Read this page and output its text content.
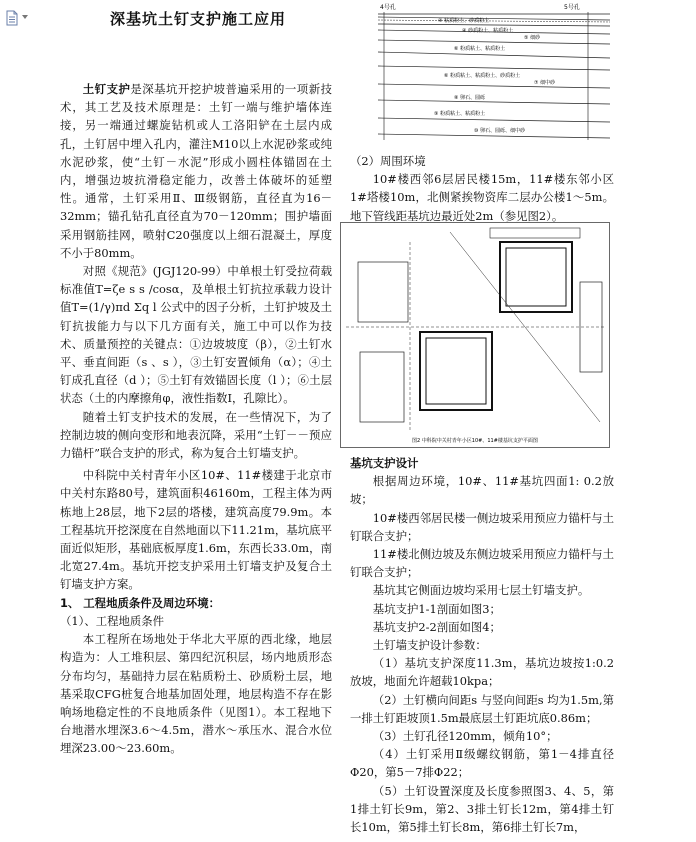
深基坑土钉支护施工应用
4号孔	5号孔
④ 粘质粉土、砂质粉土
④ 砂质粉土、粘质粉土
⑤ 细砂
⑥ 粉质粘土、粘质粉土
⑥ 粉质粘土、粘质粉土、砂质粉土
⑦ 细中砂
⑧ 卵石、圆砾
⑨ 粉质粘土、粘质粉土
⑩ 卵石、圆砾、细中砂

土钉支护是深基坑开挖护坡普遍采用的一项新技术，其工艺及技术原理是：土钉一端与维护墙体连接，另一端通过螺旋钻机或人工洛阳铲在土层内成孔，土钉居中埋入孔内，灌注M10以上水泥砂浆或纯水泥砂浆，使“土钉－水泥”形成小圆柱体锚固在土内，增强边坡抗滑稳定能力，改善土体破坏的延塑性。通常，土钉采用Ⅱ、Ⅲ级钢筋，直径直为16－32mm；锚孔钻孔直径直为70－120mm；围护墙面采用钢筋挂网，喷射C20强度以上细石混凝土，厚度不小于80mm。

对照《规范》(JGJ120-99）中单根土钉受拉荷载标准值T=ζe s s /cosα，及单根土钉抗拉承载力设计值T=(1/γ)πd Σq l 公式中的因子分析，土钉护坡及土钉抗拔能力与以下几方面有关，施工中可以作为技术、质量预控的关键点：①边坡坡度（β），②土钉水平、垂直间距（s 、s ），③土钉安置倾角（α）；④土钉成孔直径（d ）；⑤土钉有效锚固长度（l ）；⑥土层状态（土的内摩擦角φ，液性指数I，孔隙比）。

随着土钉支护技术的发展，在一些情况下，为了控制边坡的侧向变形和地表沉降，采用“土钉－－预应力锚杆”联合支护的形式，称为复合土钉墙支护。

中科院中关村青年小区10#、11#楼建于北京市中关村东路80号，建筑面积46160m，工程主体为两栋地上28层，地下2层的塔楼，建筑高度79.9m。本工程基坑开挖深度在自然地面以下11.21m，基坑底平面近似矩形，基础底板厚度1.6m，东西长33.0m，南北宽27.4m。基坑开挖支护采用土钉墙支护及复合土钉墙支护方案。

1、 工程地质条件及周边环境：

（1）、工程地质条件

本工程所在场地处于华北大平原的西北缘，地层构造为：人工堆积层、第四纪沉积层，场内地质形态分布均匀，基础持力层在粘质粉土、砂质粉土层，地基采取CFG桩复合地基加固处理，地层构造不存在影响场地稳定性的不良地质条件（见图1）。本工程地下台地潜水埋深3.6～4.5m，潜水～承压水、混合水位埋深23.00～23.60m。

图2 中科院中关村青年小区10#、11#楼基坑支护平面图

（2）周围环境

10#楼西邻6层居民楼15m，11#楼东邻小区1#塔楼10m，北侧紧挨物资库二层办公楼1～5m。地下管线距基坑边最近处2m（参见图2）。

基坑支护设计

根据周边环境，10#、11#基坑四面1: 0.2放坡；

10#楼西邻居民楼一侧边坡采用预应力锚杆与土钉联合支护；

11#楼北侧边坡及东侧边坡采用预应力锚杆与土钉联合支护；

基坑其它侧面边坡均采用七层土钉墙支护。

基坑支护1-1剖面如图3；

基坑支护2-2剖面如图4；

土钉墙支护设计参数：

（1）基坑支护深度11.3m，基坑边坡按1:0.2放坡，地面允许超载10kpa；

（2）土钉横向间距s 与竖向间距s 均为1.5m,第一排土钉距坡顶1.5m最底层土钉距坑底0.86m；

（3）土钉孔径120mm，倾角10°；

（4）土钉采用Ⅱ级螺纹钢筋，第1－4排直径Φ20，第5－7排Φ22；

（5）土钉设置深度及长度参照图3、4、5，第1排土钉长9m，第2、3排土钉长12m，第4排土钉长10m，第5排土钉长8m，第6排土钉长7m，
